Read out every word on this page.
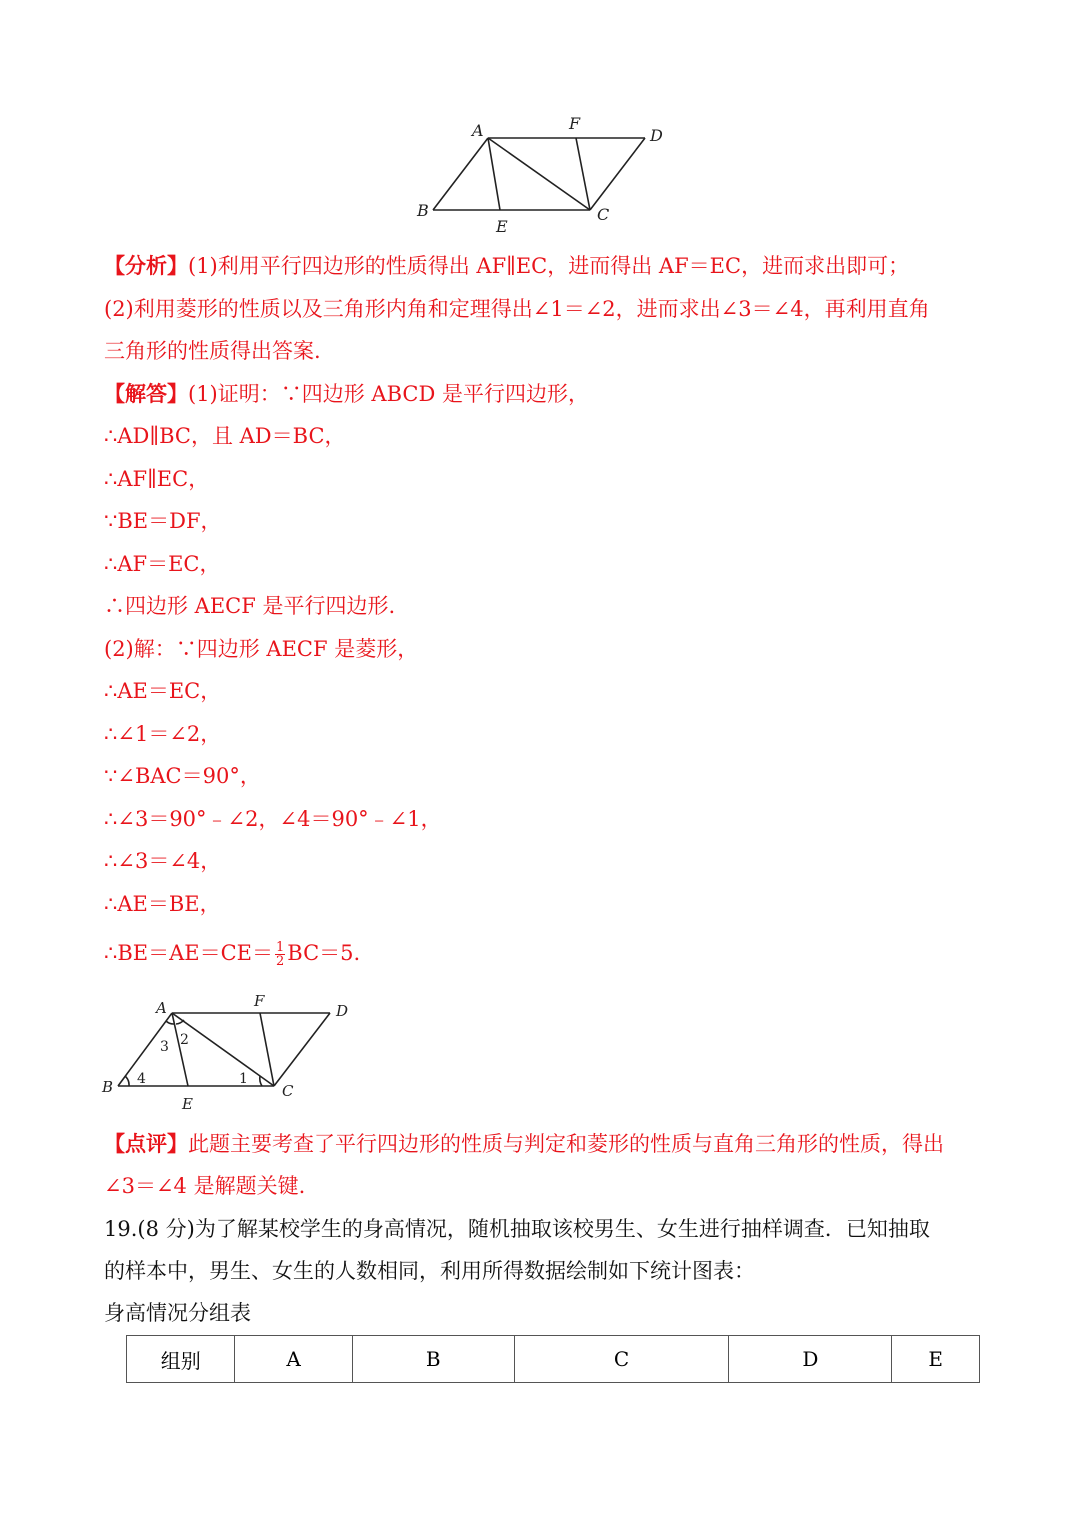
A	F
D
B
E
C
【分析】(1)利用平行四边形的性质得出 AF∥EC，进而得出 AF＝EC，进而求出即可；
(2)利用菱形的性质以及三角形内角和定理得出∠1＝∠2，进而求出∠3＝∠4，再利用直角
三角形的性质得出答案.
【解答】(1)证明：∵四边形 ABCD 是平行四边形，
∴AD∥BC，且 AD＝BC，
∴AF∥EC，
∵BE＝DF，
∴AF＝EC，
∴四边形 AECF 是平行四边形.
(2)解：∵四边形 AECF 是菱形，
∴AE＝EC，
∴∠1＝∠2，
∵∠BAC＝90°，
∴∠3＝90°﹣∠2，∠4＝90°﹣∠1，
∴∠3＝∠4，
∴AE＝BE，
∴BE＝AE＝CE＝ $\frac{1}{2} BC=5$.
A	F
D
B
E
C
1
2
3
4
【点评】此题主要考查了平行四边形的性质与判定和菱形的性质与直角三角形的性质，得出
∠3＝∠4 是解题关键.
19.(8 分)为了解某校学生的身高情况，随机抽取该校男生、女生进行抽样调查．已知抽取
的样本中，男生、女生的人数相同，利用所得数据绘制如下统计图表：
身高情况分组表
组别	A	B	C	D	E
